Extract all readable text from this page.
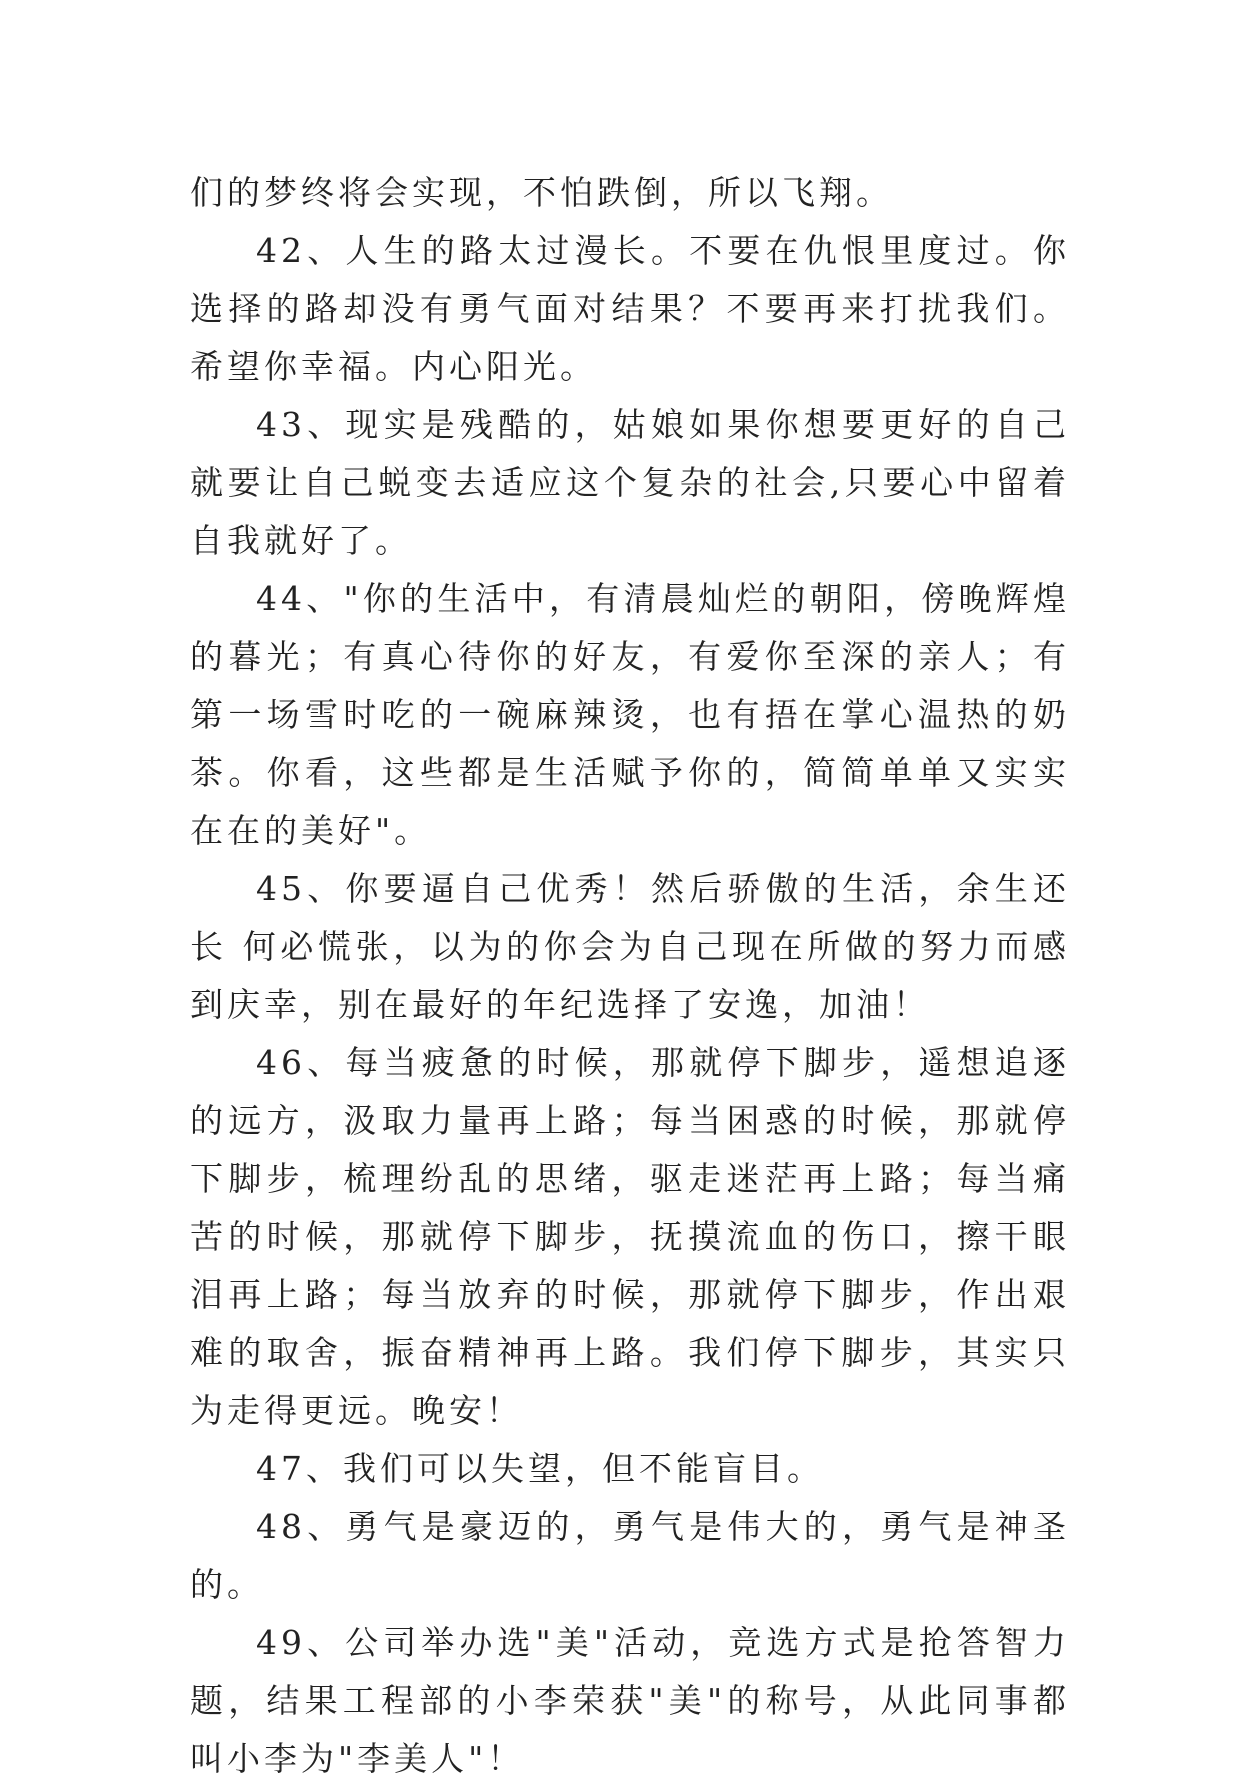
们的梦终将会实现，不怕跌倒，所以飞翔。

42、人生的路太过漫长。不要在仇恨里度过。你选择的路却没有勇气面对结果？不要再来打扰我们。希望你幸福。内心阳光。

43、现实是残酷的，姑娘如果你想要更好的自己就要让自己蜕变去适应这个复杂的社会,只要心中留着自我就好了。

44、"你的生活中，有清晨灿烂的朝阳，傍晚辉煌的暮光；有真心待你的好友，有爱你至深的亲人；有第一场雪时吃的一碗麻辣烫，也有捂在掌心温热的奶茶。你看，这些都是生活赋予你的，简简单单又实实在在的美好"。

45、你要逼自己优秀！然后骄傲的生活，余生还长 何必慌张，以为的你会为自己现在所做的努力而感到庆幸，别在最好的年纪选择了安逸，加油！

46、每当疲惫的时候，那就停下脚步，遥想追逐的远方，汲取力量再上路；每当困惑的时候，那就停下脚步，梳理纷乱的思绪，驱走迷茫再上路；每当痛苦的时候，那就停下脚步，抚摸流血的伤口，擦干眼泪再上路；每当放弃的时候，那就停下脚步，作出艰难的取舍，振奋精神再上路。我们停下脚步，其实只为走得更远。晚安！

47、我们可以失望，但不能盲目。

48、勇气是豪迈的，勇气是伟大的，勇气是神圣的。

49、公司举办选"美"活动，竞选方式是抢答智力题，结果工程部的小李荣获"美"的称号，从此同事都叫小李为"李美人"！
